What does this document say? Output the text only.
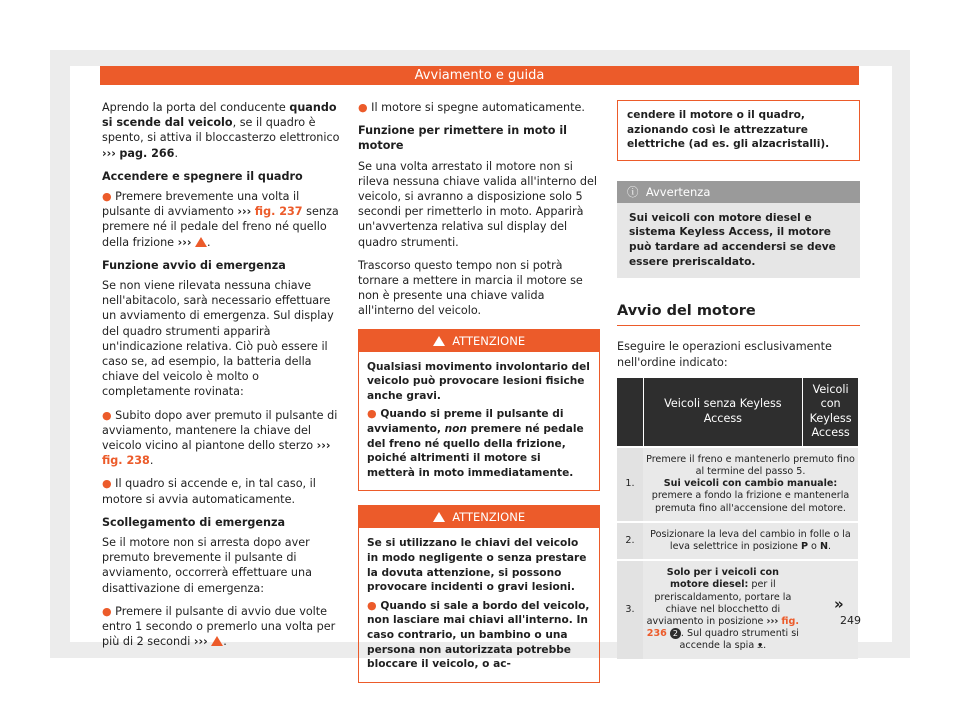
Avviamento e guida

Aprendo la porta del conducente quando si scende dal veicolo, se il quadro è spento, si attiva il bloccasterzo elettronico ››› pag. 266.

Accendere e spegnere il quadro

● Premere brevemente una volta il pulsante di avviamento ››› fig. 237 senza premere né il pedale del freno né quello della frizione ››› .

Funzione avvio di emergenza

Se non viene rilevata nessuna chiave nell'abitacolo, sarà necessario effettuare un avviamento di emergenza. Sul display del quadro strumenti apparirà un'indicazione relativa. Ciò può essere il caso se, ad esempio, la batteria della chiave del veicolo è molto o completamente rovinata:

● Subito dopo aver premuto il pulsante di avviamento, mantenere la chiave del veicolo vicino al piantone dello sterzo ››› fig. 238.

● Il quadro si accende e, in tal caso, il motore si avvia automaticamente.

Scollegamento di emergenza

Se il motore non si arresta dopo aver premuto brevemente il pulsante di avviamento, occorrerà effettuare una disattivazione di emergenza:

● Premere il pulsante di avvio due volte entro 1 secondo o premerlo una volta per più di 2 secondi ››› .

● Il motore si spegne automaticamente.

Funzione per rimettere in moto il motore

Se una volta arrestato il motore non si rileva nessuna chiave valida all'interno del veicolo, si avranno a disposizione solo 5 secondi per rimetterlo in moto. Apparirà un'avvertenza relativa sul display del quadro strumenti.

Trascorso questo tempo non si potrà tornare a mettere in marcia il motore se non è presente una chiave valida all'interno del veicolo.

ATTENZIONE

Qualsiasi movimento involontario del veicolo può provocare lesioni fisiche anche gravi.

● Quando si preme il pulsante di avviamento, non premere né pedale del freno né quello della frizione, poiché altrimenti il motore si metterà in moto immediatamente.

ATTENZIONE

Se si utilizzano le chiavi del veicolo in modo negligente o senza prestare la dovuta attenzione, si possono provocare incidenti o gravi lesioni.

● Quando si sale a bordo del veicolo, non lasciare mai chiavi all'interno. In caso contrario, un bambino o una persona non autorizzata potrebbe bloccare il veicolo, o ac-

cendere il motore o il quadro, azionando così le attrezzature elettriche (ad es. gli alzacristalli).
ⓘ Avvertenza
Sui veicoli con motore diesel e sistema Keyless Access, il motore può tardare ad accendersi se deve essere preriscaldato.
Avvio del motore

Eseguire le operazioni esclusivamente nell'ordine indicato:

	Veicoli senza Keyless Access	Veicoli con Keyless Access
1.	Premere il freno e mantenerlo premuto fino al termine del passo 5.
Sui veicoli con cambio manuale: premere a fondo la frizione e mantenerla premuta fino all'accensione del motore.	
2.	Posizionare la leva del cambio in folle o la leva selettrice in posizione P o N.	
3.	Solo per i veicoli con motore diesel: per il preriscaldamento, portare la chiave nel blocchetto di avviamento in posizione ››› fig. 236 2 . Sul quadro strumenti si accende la spia ᴥ.	
»
249
